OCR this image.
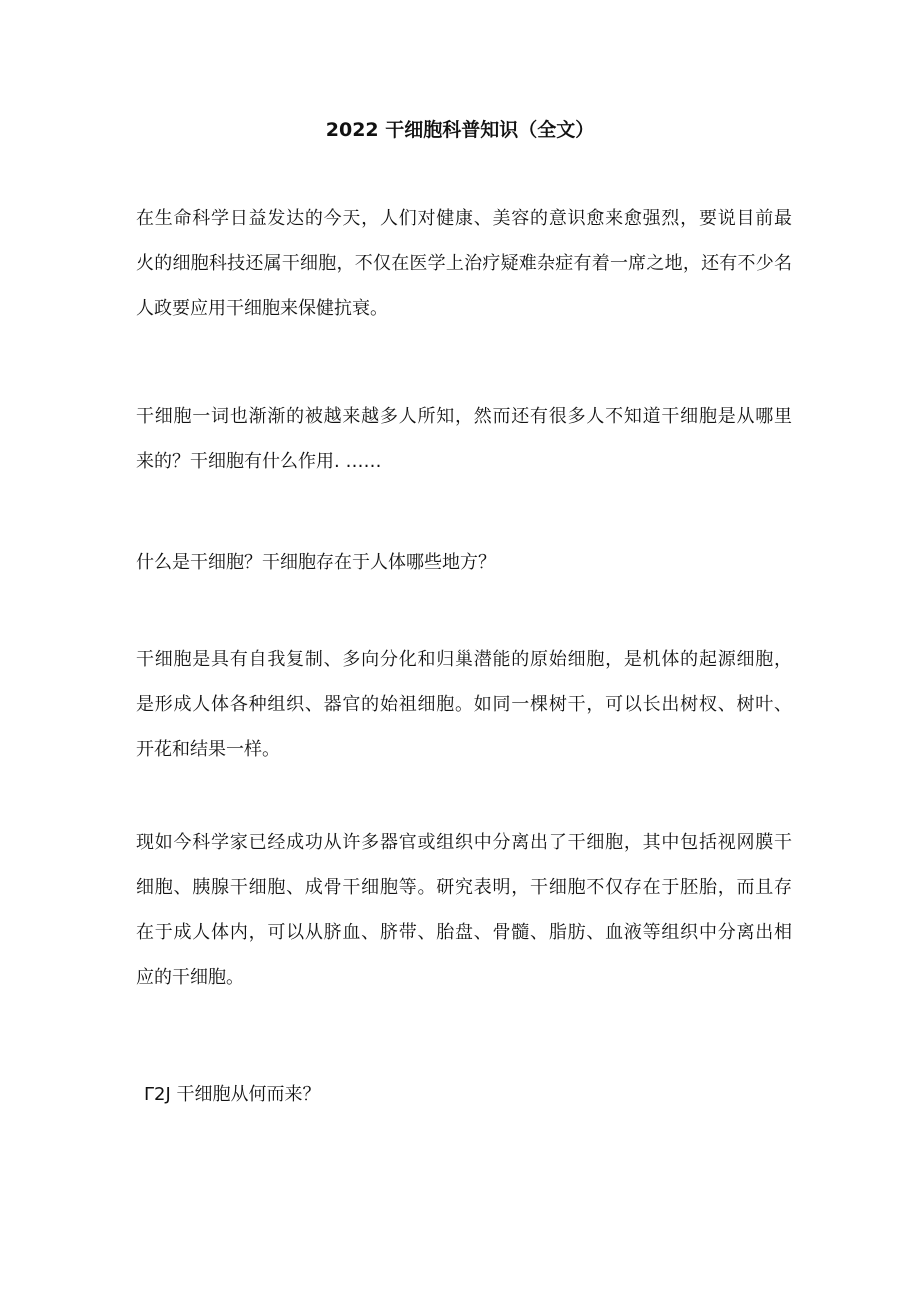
2022 干细胞科普知识（全文）

在生命科学日益发达的今天，人们对健康、美容的意识愈来愈强烈，要说目前最
火的细胞科技还属干细胞，不仅在医学上治疗疑难杂症有着一席之地，还有不少名
人政要应用干细胞来保健抗衰。

干细胞一词也渐渐的被越来越多人所知，然而还有很多人不知道干细胞是从哪里
来的？干细胞有什么作用. ……

什么是干细胞？干细胞存在于人体哪些地方？

干细胞是具有自我复制、多向分化和归巢潜能的原始细胞，是机体的起源细胞，
是形成人体各种组织、器官的始祖细胞。如同一棵树干，可以长出树杈、树叶、
开花和结果一样。

现如今科学家已经成功从许多器官或组织中分离出了干细胞，其中包括视网膜干
细胞、胰腺干细胞、成骨干细胞等。研究表明，干细胞不仅存在于胚胎，而且存
在于成人体内，可以从脐血、脐带、胎盘、骨髓、脂肪、血液等组织中分离出相
应的干细胞。

Γ2J 干细胞从何而来？
